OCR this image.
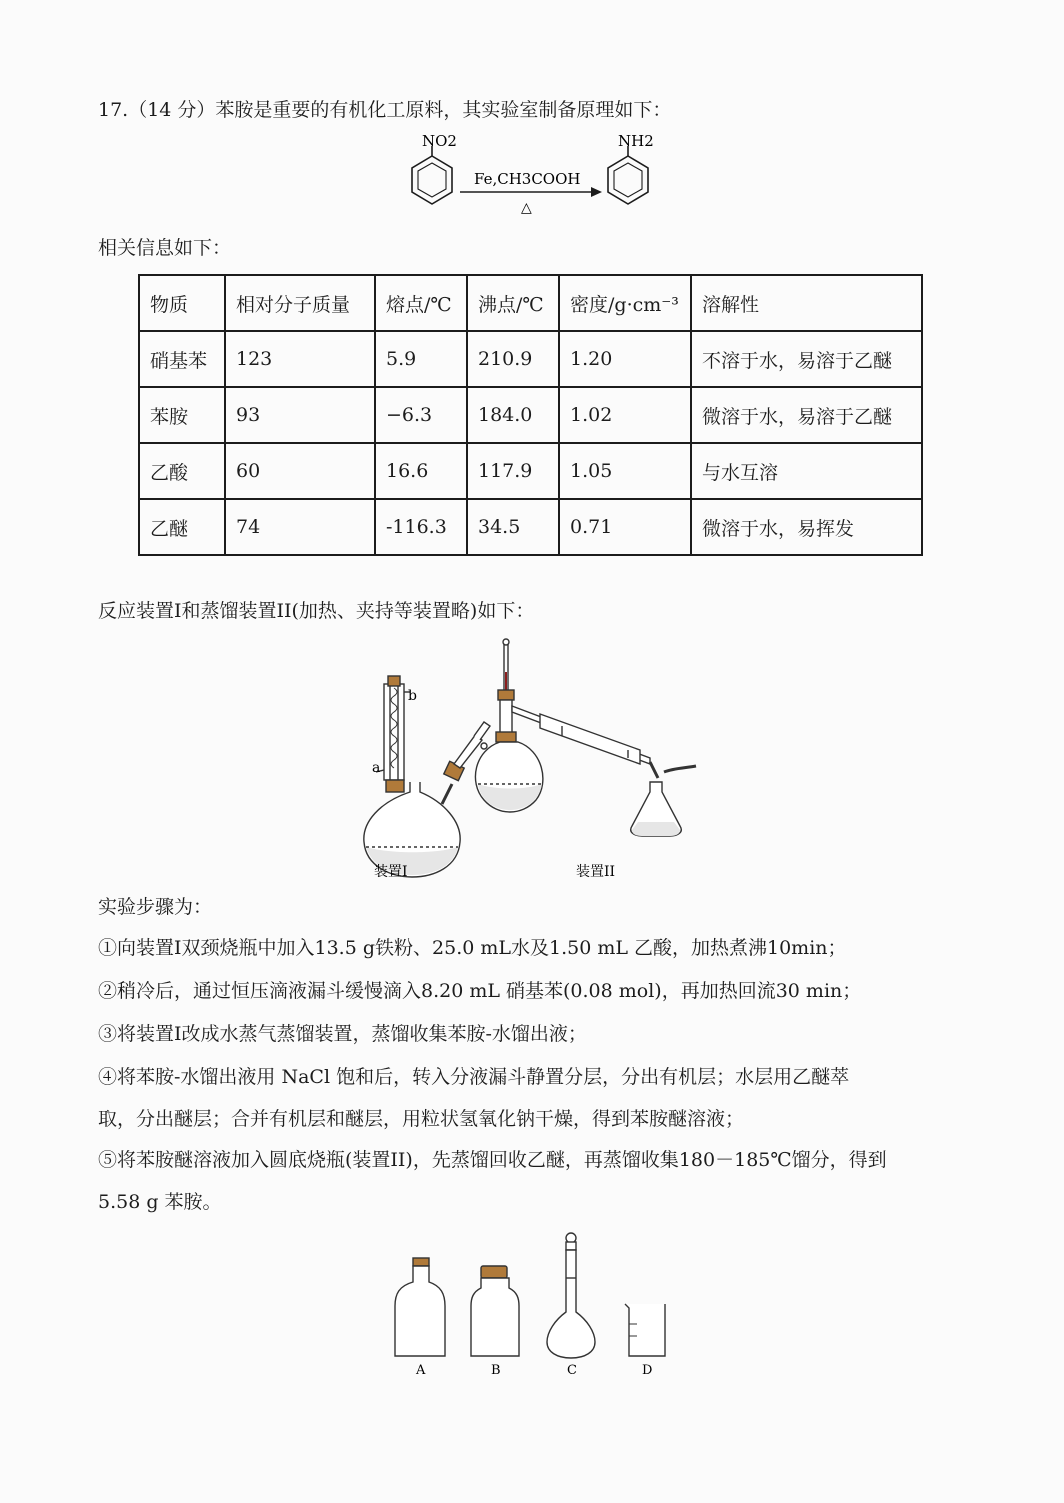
17.（14 分）苯胺是重要的有机化工原料，其实验室制备原理如下：
NO2
Fe,CH3COOH
△
NH2
相关信息如下：
物质	相对分子质量	熔点/℃	沸点/℃	密度/g·cm⁻³	溶解性
硝基苯	123	5.9	210.9	1.20	不溶于水，易溶于乙醚
苯胺	93	−6.3	184.0	1.02	微溶于水，易溶于乙醚
乙酸	60	16.6	117.9	1.05	与水互溶
乙醚	74	-116.3	34.5	0.71	微溶于水，易挥发
反应装置I和蒸馏装置II(加热、夹持等装置略)如下：
a
b
装置I	装置II
实验步骤为：
①向装置I双颈烧瓶中加入13.5 g铁粉、25.0 mL水及1.50 mL 乙酸，加热煮沸10min；
②稍冷后，通过恒压滴液漏斗缓慢滴入8.20 mL 硝基苯(0.08 mol)，再加热回流30 min；
③将装置I改成水蒸气蒸馏装置，蒸馏收集苯胺-水馏出液；
④将苯胺-水馏出液用 NaCl 饱和后，转入分液漏斗静置分层，分出有机层；水层用乙醚萃
取，分出醚层；合并有机层和醚层，用粒状氢氧化钠干燥，得到苯胺醚溶液；
⑤将苯胺醚溶液加入圆底烧瓶(装置II)，先蒸馏回收乙醚，再蒸馏收集180－185℃馏分，得到
5.58 g 苯胺。
A	B	C	D
